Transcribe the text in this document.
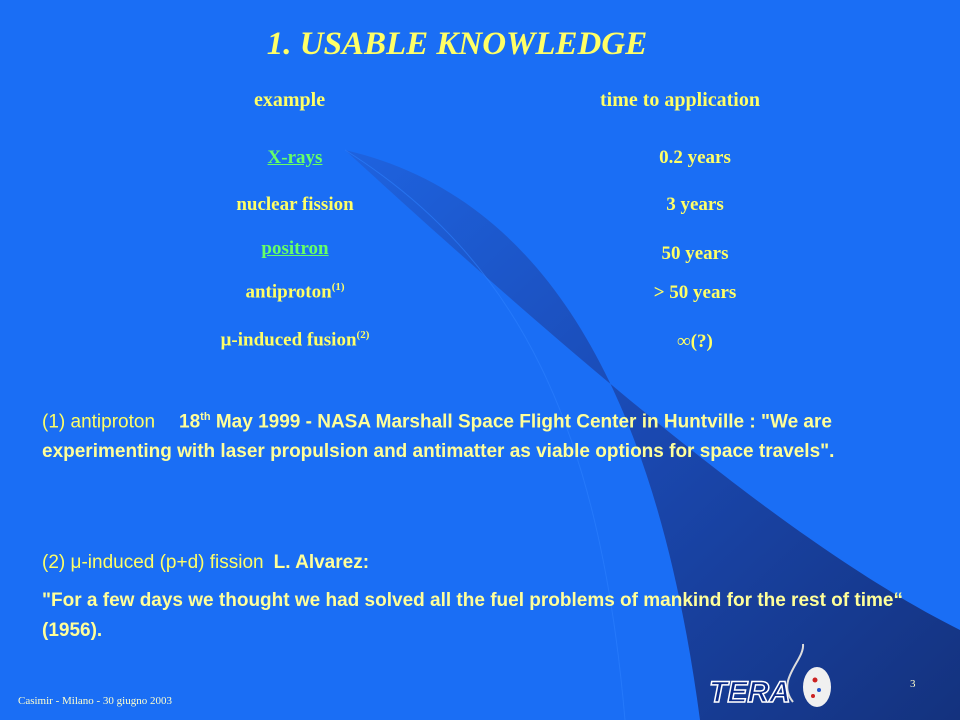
1. USABLE KNOWLEDGE
example	time to application
X-rays	0.2 years
nuclear fission	3 years
positron	50 years
antiproton$^{(1)}$	> 50 years
μ-induced fusion$^{(2)}$	∞(?)
(1) antiproton 18th May 1999 - NASA Marshall Space Flight Center in Huntville : "We are experimenting with laser propulsion and antimatter as viable options for space travels".
(2) μ-induced (p+d) fission L. Alvarez:
"For a few days we thought we had solved all the fuel problems of mankind for the rest of time“ (1956).
Casimir - Milano - 30 giugno 2003
3
TERA
